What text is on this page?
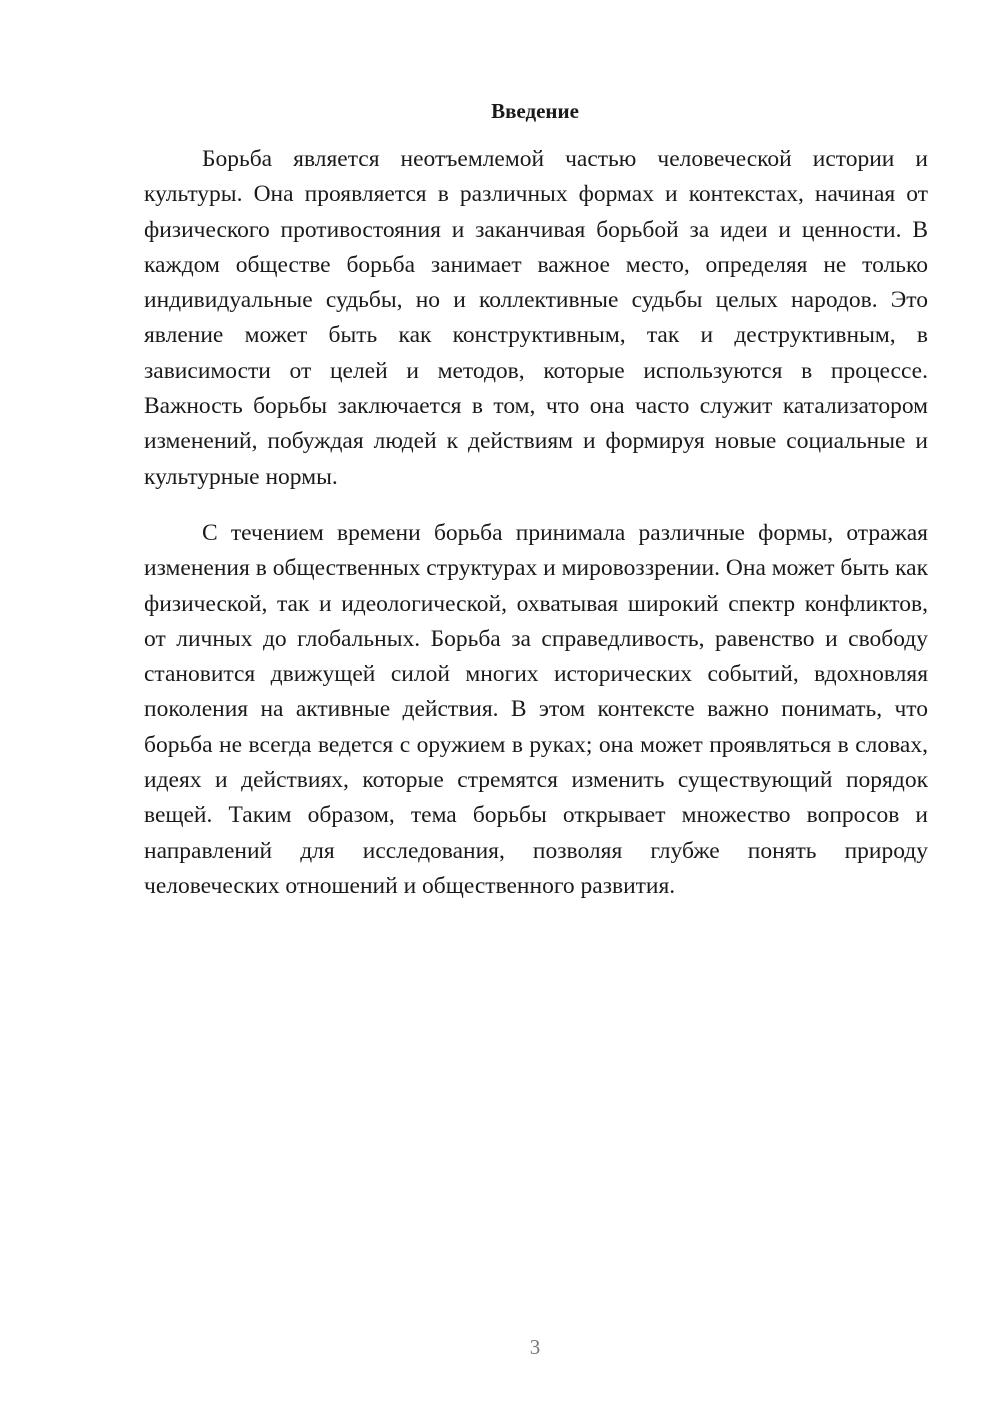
Введение

Борьба является неотъемлемой частью человеческой истории и культуры. Она проявляется в различных формах и контекстах, начиная от физического противостояния и заканчивая борьбой за идеи и ценности. В каждом обществе борьба занимает важное место, определяя не только индивидуальные судьбы, но и коллективные судьбы целых народов. Это явление может быть как конструктивным, так и деструктивным, в зависимости от целей и методов, которые используются в процессе. Важность борьбы заключается в том, что она часто служит катализатором изменений, побуждая людей к действиям и формируя новые социальные и культурные нормы.

С течением времени борьба принимала различные формы, отражая изменения в общественных структурах и мировоззрении. Она может быть как физической, так и идеологической, охватывая широкий спектр конфликтов, от личных до глобальных. Борьба за справедливость, равенство и свободу становится движущей силой многих исторических событий, вдохновляя поколения на активные действия. В этом контексте важно понимать, что борьба не всегда ведется с оружием в руках; она может проявляться в словах, идеях и действиях, которые стремятся изменить существующий порядок вещей. Таким образом, тема борьбы открывает множество вопросов и направлений для исследования, позволяя глубже понять природу человеческих отношений и общественного развития.

3
